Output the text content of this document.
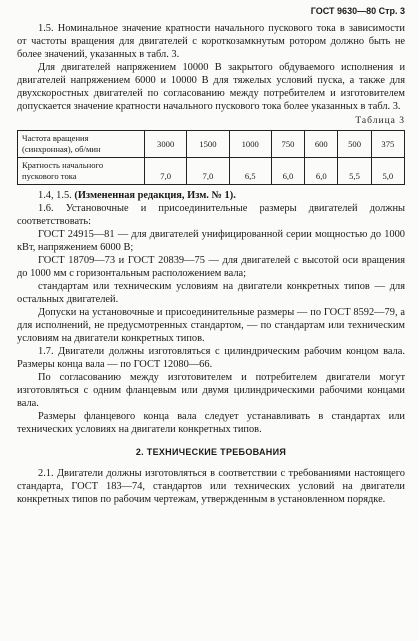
ГОСТ 9630—80 Стр. 3

1.5. Номинальное значение кратности начального пускового тока в зависимости от частоты вращения для двигателей с короткозамкнутым ротором должно быть не более значений, указанных в табл. 3.

Для двигателей напряжением 10000 В закрытого обдуваемого исполнения и двигателей напряжением 6000 и 10000 В для тяжелых условий пуска, а также для двухскоростных двигателей по согласованию между потребителем и изготовителем допускается значение кратности начального пускового тока более указанных в табл. 3.

Таблица 3

Частота вращения (синхронная), об/мин	3000	1500	1000	750	600	500	375
Кратность начального пускового тока	7,0	7,0	6,5	6,0	6,0	5,5	5,0

1.4, 1.5. (Измененная редакция, Изм. № 1).

1.6. Установочные и присоединительные размеры двигателей должны соответствовать:

ГОСТ 24915—81 — для двигателей унифицированной серии мощностью до 1000 кВт, напряжением 6000 В;

ГОСТ 18709—73 и ГОСТ 20839—75 — для двигателей с высотой оси вращения до 1000 мм с горизонтальным расположением вала;

стандартам или техническим условиям на двигатели конкретных типов — для остальных двигателей.

Допуски на установочные и присоединительные размеры — по ГОСТ 8592—79, а для исполнений, не предусмотренных стандартом, — по стандартам или техническим условиям на двигатели конкретных типов.

1.7. Двигатели должны изготовляться с цилиндрическим рабочим концом вала. Размеры конца вала — по ГОСТ 12080—66.

По согласованию между изготовителем и потребителем двигатели могут изготовляться с одним фланцевым или двумя цилиндрическими рабочими концами вала.

Размеры фланцевого конца вала следует устанавливать в стандартах или технических условиях на двигатели конкретных типов.

2. ТЕХНИЧЕСКИЕ ТРЕБОВАНИЯ

2.1. Двигатели должны изготовляться в соответствии с требованиями настоящего стандарта, ГОСТ 183—74, стандартов или технических условий на двигатели конкретных типов по рабочим чертежам, утвержденным в установленном порядке.
